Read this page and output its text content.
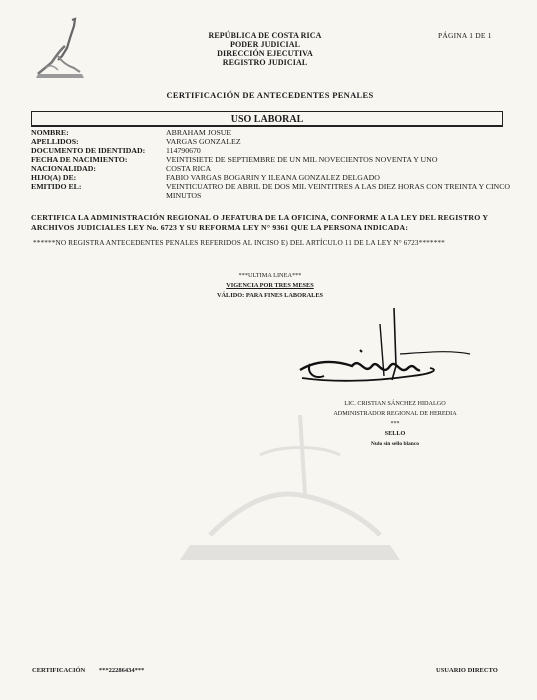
REPÚBLICA DE COSTA RICA
PODER JUDICIAL
DIRECCIÓN EJECUTIVA
REGISTRO JUDICIAL
PÁGINA 1 DE 1
CERTIFICACIÓN DE ANTECEDENTES PENALES
USO LABORAL
NOMBRE:	ABRAHAM JOSUE
APELLIDOS:	VARGAS GONZALEZ
DOCUMENTO DE IDENTIDAD:	114790670
FECHA DE NACIMIENTO:	VEINTISIETE DE SEPTIEMBRE DE UN MIL NOVECIENTOS NOVENTA Y UNO
NACIONALIDAD:	COSTA RICA
HIJO(A) DE:	FABIO VARGAS BOGARIN Y ILEANA GONZALEZ DELGADO
EMITIDO EL:	VEINTICUATRO DE ABRIL DE DOS MIL VEINTITRES A LAS DIEZ HORAS CON TREINTA Y CINCO MINUTOS
CERTIFICA LA ADMINISTRACIÓN REGIONAL O JEFATURA DE LA OFICINA, CONFORME A LA LEY DEL REGISTRO Y ARCHIVOS JUDICIALES LEY No. 6723 Y SU REFORMA LEY N° 9361 QUE LA PERSONA INDICADA:
******NO REGISTRA ANTECEDENTES PENALES REFERIDOS AL INCISO E) DEL ARTÍCULO 11 DE LA LEY N° 6723*******
***ULTIMA LINEA***
VIGENCIA POR TRES MESES
VÁLIDO: PARA FINES LABORALES
LIC. CRISTIAN SÁNCHEZ HIDALGO
ADMINISTRADOR REGIONAL DE HEREDIA
***
SELLO
Nulo sin sello blanco
CERTIFICACIÓN ***22286434***	USUARIO DIRECTO
